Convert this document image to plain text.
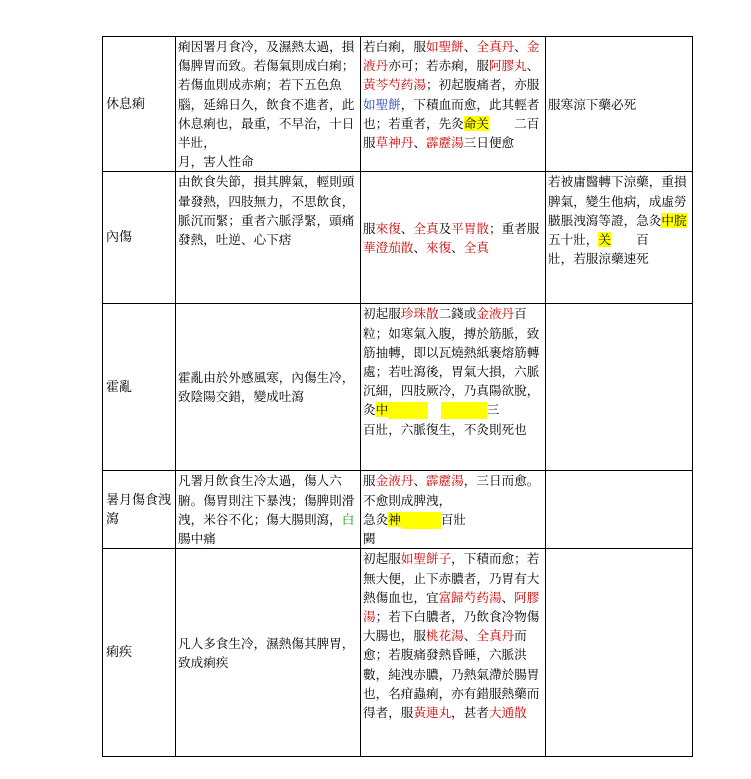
休息痢	痢因署月食冷，及濕熱太過，損傷脾胃而致。若傷氣則成白痢；若傷血則成赤痢；若下五色魚腦，延綿日久，飲食不進者，此休息痢也，最重，不早治，十日半壯，
月，害人性命	若白痢，服如聖餅、全真丹、金液丹亦可；若赤痢，服阿膠丸、黃芩芍药湯；初起腹痛者，亦服如聖餅，下積血而愈，此其輕者也；若重者，先灸命关　　二百
服草神丹、霹靂湯三日便愈	服寒涼下藥必死
內傷	由飲食失節，損其脾氣，輕則頭暈發熱，四肢無力，不思飲食，脈沉而緊；重者六脈浮緊，頭痛發熱，吐逆、心下痞	服來復、全真及平胃散；重者服華澄茄散、來復、全真	若被庸醫轉下涼藥，重損脾氣，變生他病，成虛勞臌脹洩瀉等證，急灸中脘五十壯，关　　百
壯，若服涼藥速死
霍亂	霍亂由於外感風寒，內傷生冷，致陰陽交錯，變成吐瀉	初起服珍珠散二錢或金液丹百粒；如寒氣入腹，搏於筋脈，致筋抽轉，即以瓦燒熱紙裹熔筋轉處；若吐瀉後，胃氣大損，六脈沉細，四肢厥冷，乃真陽欲脫，
灸中　 三
百壯，六脈復生，不灸則死也	
暑月傷食洩瀉	凡署月飲食生冷太過，傷人六腑。傷胃則注下暴洩；傷脾則滑洩，米谷不化；傷大腸則瀉，白腸中痛	服金液丹、霹靂湯，三日而愈。不愈則成脾洩，
急灸神 百壯
闕	
痢疾	凡人多食生冷，濕熱傷其脾胃，致成痢疾	初起服如聖餅子，下積而愈；若無大便，止下赤膿者，乃胃有大熱傷血也，宜富歸芍药湯、阿膠湯；若下白膿者，乃飲食冷物傷大腸也，服桃花湯、全真丹而愈；若腹痛發熱昏睡，六脈洪數，純洩赤膿，乃熱氣滯於腸胃也，名疳蟲痢，亦有錯服熱藥而得者，服黃連丸，甚者大通散	
